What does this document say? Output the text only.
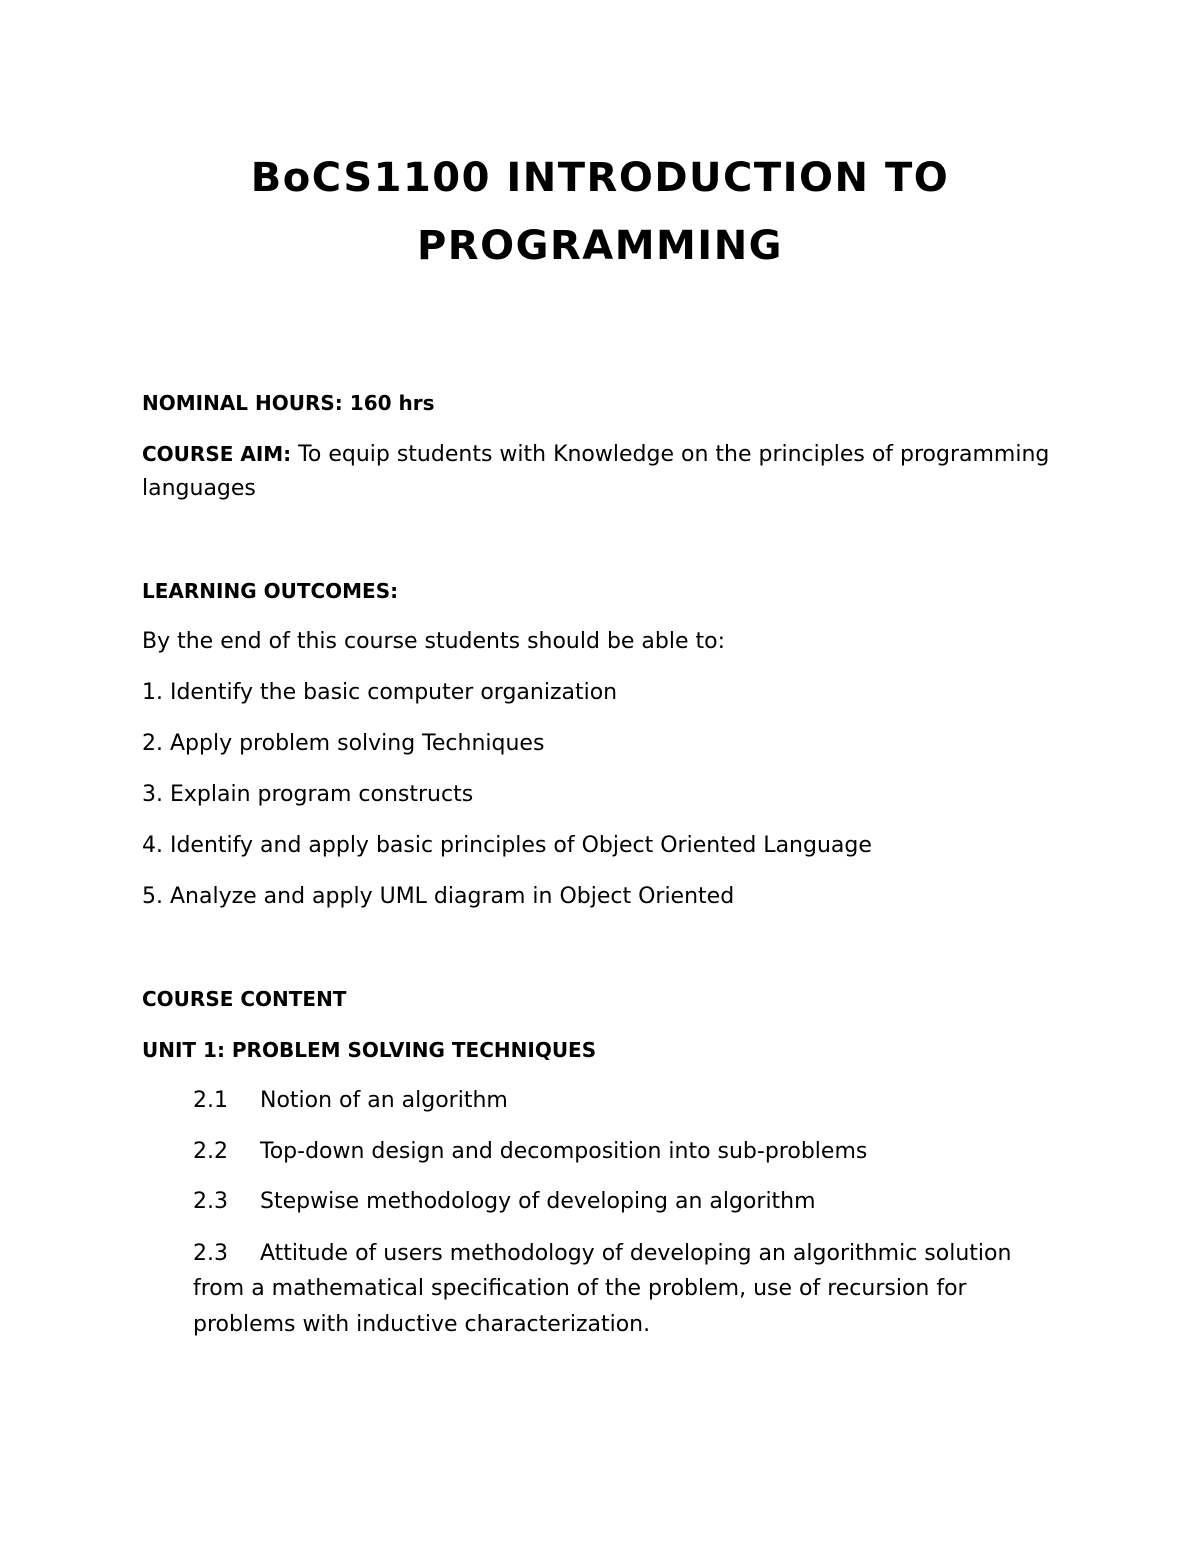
BoCS1100 INTRODUCTION TO
PROGRAMMING
NOMINAL HOURS: 160 hrs
COURSE AIM: To equip students with Knowledge on the principles of programming
languages
LEARNING OUTCOMES:
By the end of this course students should be able to:
1. Identify the basic computer organization
2. Apply problem solving Techniques
3. Explain program constructs
4. Identify and apply basic principles of Object Oriented Language
5. Analyze and apply UML diagram in Object Oriented
COURSE CONTENT
UNIT 1: PROBLEM SOLVING TECHNIQUES
2.1 Notion of an algorithm
2.2 Top-down design and decomposition into sub-problems
2.3 Stepwise methodology of developing an algorithm
2.3 Attitude of users methodology of developing an algorithmic solution
from a mathematical specification of the problem, use of recursion for
problems with inductive characterization.
